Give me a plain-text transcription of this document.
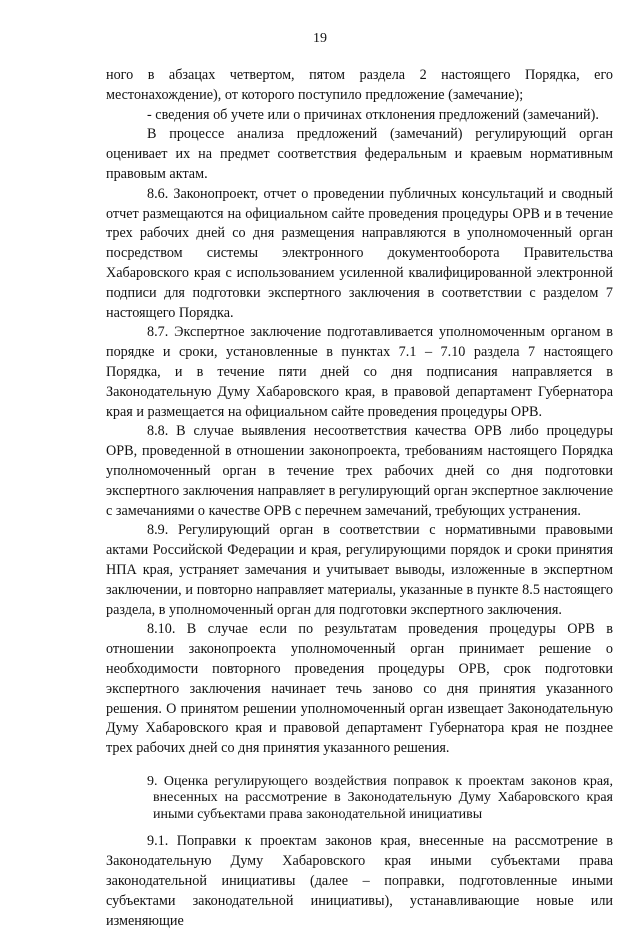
19

ного в абзацах четвертом, пятом раздела 2 настоящего Порядка, его местонахождение), от которого поступило предложение (замечание);

- сведения об учете или о причинах отклонения предложений (замечаний).

В процессе анализа предложений (замечаний) регулирующий орган оценивает их на предмет соответствия федеральным и краевым нормативным правовым актам.

8.6. Законопроект, отчет о проведении публичных консультаций и сводный отчет размещаются на официальном сайте проведения процедуры ОРВ и в течение трех рабочих дней со дня размещения направляются в уполномоченный орган посредством системы электронного документооборота Правительства Хабаровского края с использованием усиленной квалифицированной электронной подписи для подготовки экспертного заключения в соответствии с разделом 7 настоящего Порядка.

8.7. Экспертное заключение подготавливается уполномоченным органом в порядке и сроки, установленные в пунктах 7.1 – 7.10 раздела 7 настоящего Порядка, и в течение пяти дней со дня подписания направляется в Законодательную Думу Хабаровского края, в правовой департамент Губернатора края и размещается на официальном сайте проведения процедуры ОРВ.

8.8. В случае выявления несоответствия качества ОРВ либо процедуры ОРВ, проведенной в отношении законопроекта, требованиям настоящего Порядка уполномоченный орган в течение трех рабочих дней со дня подготовки экспертного заключения направляет в регулирующий орган экспертное заключение с замечаниями о качестве ОРВ с перечнем замечаний, требующих устранения.

8.9. Регулирующий орган в соответствии с нормативными правовыми актами Российской Федерации и края, регулирующими порядок и сроки принятия НПА края, устраняет замечания и учитывает выводы, изложенные в экспертном заключении, и повторно направляет материалы, указанные в пункте 8.5 настоящего раздела, в уполномоченный орган для подготовки экспертного заключения.

8.10. В случае если по результатам проведения процедуры ОРВ в отношении законопроекта уполномоченный орган принимает решение о необходимости повторного проведения процедуры ОРВ, срок подготовки экспертного заключения начинает течь заново со дня принятия указанного решения. О принятом решении уполномоченный орган извещает Законодательную Думу Хабаровского края и правовой департамент Губернатора края не позднее трех рабочих дней со дня принятия указанного решения.

9. Оценка регулирующего воздействия поправок к проектам законов края, внесенных на рассмотрение в Законодательную Думу Хабаровского края иными субъектами права законодательной инициативы

9.1. Поправки к проектам законов края, внесенные на рассмотрение в Законодательную Думу Хабаровского края иными субъектами права законодательной инициативы (далее – поправки, подготовленные иными субъектами законодательной инициативы), устанавливающие новые или изменяющие
